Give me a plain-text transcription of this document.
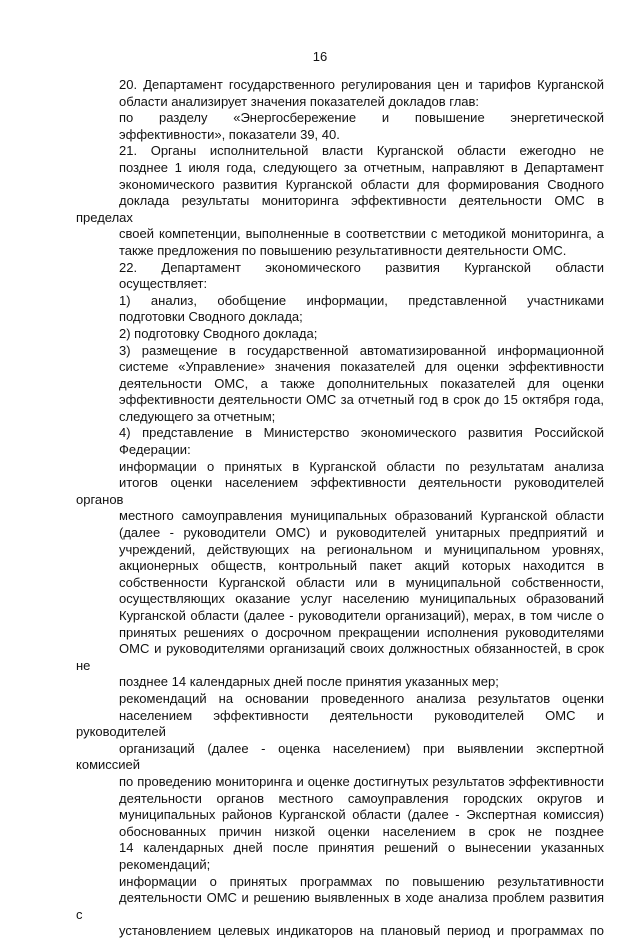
16

20. Департамент государственного регулирования цен и тарифов Курганской
области анализирует значения показателей докладов глав:

по разделу «Энергосбережение и повышение энергетической
эффективности», показатели 39, 40.

21. Органы исполнительной власти Курганской области ежегодно не
позднее 1 июля года, следующего за отчетным, направляют в Департамент
экономического развития Курганской области для формирования Сводного
доклада результаты мониторинга эффективности деятельности ОМС в пределах
своей компетенции, выполненные в соответствии с методикой мониторинга, а
также предложения по повышению результативности деятельности ОМС.

22. Департамент экономического развития Курганской области
осуществляет:

1) анализ, обобщение информации, представленной участниками
подготовки Сводного доклада;

2) подготовку Сводного доклада;

3) размещение в государственной автоматизированной информационной
системе «Управление» значения показателей для оценки эффективности
деятельности ОМС, а также дополнительных показателей для оценки
эффективности деятельности ОМС за отчетный год в срок до 15 октября года,
следующего за отчетным;

4) представление в Министерство экономического развития Российской
Федерации:

информации о принятых в Курганской области по результатам анализа
итогов оценки населением эффективности деятельности руководителей органов
местного самоуправления муниципальных образований Курганской области
(далее - руководители ОМС) и руководителей унитарных предприятий и
учреждений, действующих на региональном и муниципальном уровнях,
акционерных обществ, контрольный пакет акций которых находится в
собственности Курганской области или в муниципальной собственности,
осуществляющих оказание услуг населению муниципальных образований
Курганской области (далее - руководители организаций), мерах, в том числе о
принятых решениях о досрочном прекращении исполнения руководителями
ОМС и руководителями организаций своих должностных обязанностей, в срок не
позднее 14 календарных дней после принятия указанных мер;

рекомендаций на основании проведенного анализа результатов оценки
населением эффективности деятельности руководителей ОМС и руководителей
организаций (далее - оценка населением) при выявлении экспертной комиссией
по проведению мониторинга и оценке достигнутых результатов эффективности
деятельности органов местного самоуправления городских округов и
муниципальных районов Курганской области (далее - Экспертная комиссия)
обоснованных причин низкой оценки населением в срок не позднее
14 календарных дней после принятия решений о вынесении указанных
рекомендаций;

информации о принятых программах по повышению результативности
деятельности ОМС и решению выявленных в ходе анализа проблем развития с
установлением целевых индикаторов на плановый период и программах по
